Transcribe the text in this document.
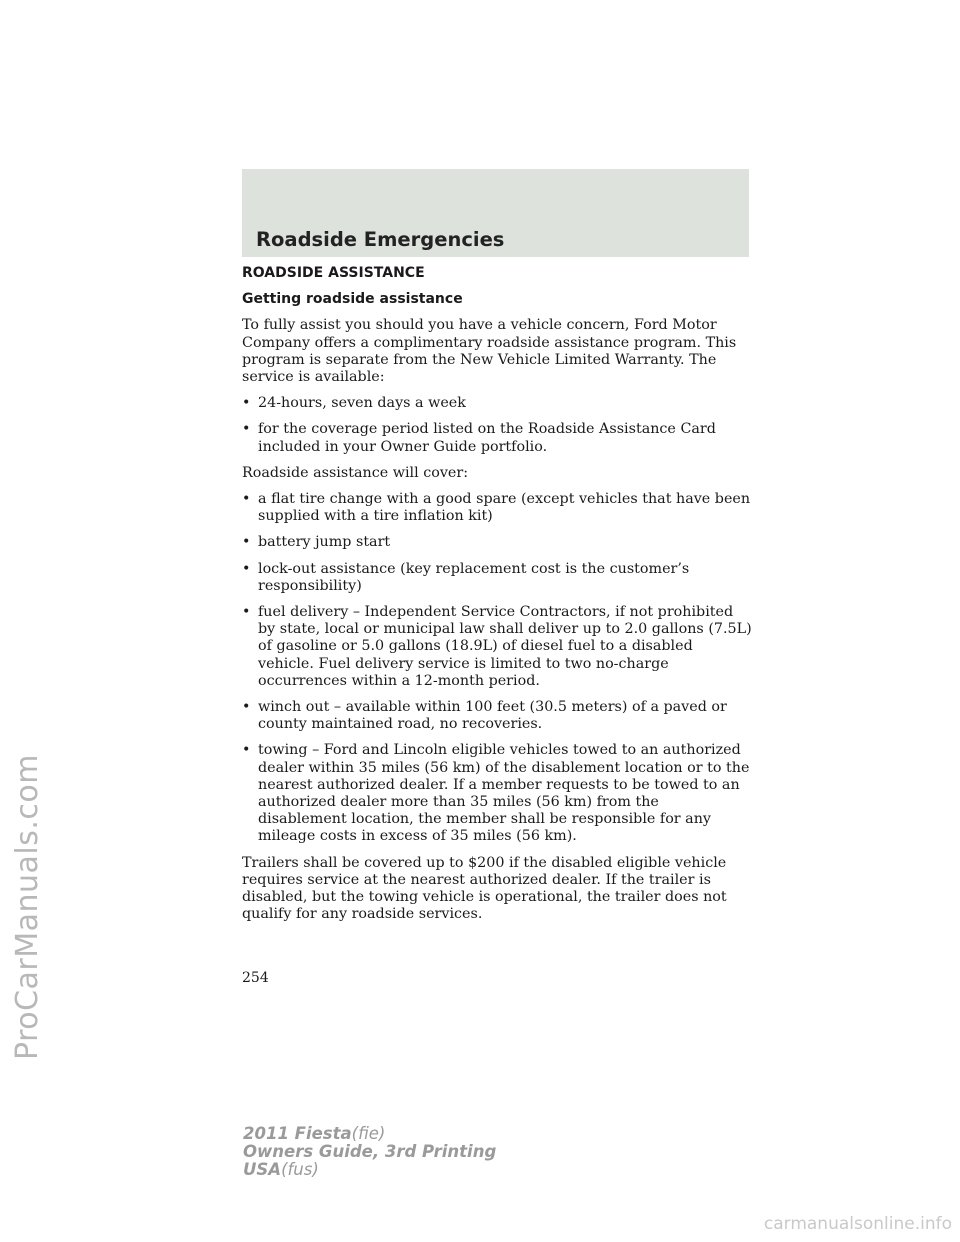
ProCarManuals.com
Roadside Emergencies
ROADSIDE ASSISTANCE
Getting roadside assistance

To fully assist you should you have a vehicle concern, Ford Motor Company offers a complimentary roadside assistance program. This program is separate from the New Vehicle Limited Warranty. The service is available:

• 24-hours, seven days a week
• for the coverage period listed on the Roadside Assistance Card included in your Owner Guide portfolio.

Roadside assistance will cover:

• a flat tire change with a good spare (except vehicles that have been supplied with a tire inflation kit)
• battery jump start
• lock-out assistance (key replacement cost is the customer’s responsibility)
• fuel delivery – Independent Service Contractors, if not prohibited by state, local or municipal law shall deliver up to 2.0 gallons (7.5L) of gasoline or 5.0 gallons (18.9L) of diesel fuel to a disabled vehicle. Fuel delivery service is limited to two no-charge occurrences within a 12-month period.
• winch out – available within 100 feet (30.5 meters) of a paved or county maintained road, no recoveries.
• towing – Ford and Lincoln eligible vehicles towed to an authorized dealer within 35 miles (56 km) of the disablement location or to the nearest authorized dealer. If a member requests to be towed to an authorized dealer more than 35 miles (56 km) from the disablement location, the member shall be responsible for any mileage costs in excess of 35 miles (56 km).

Trailers shall be covered up to $200 if the disabled eligible vehicle requires service at the nearest authorized dealer. If the trailer is disabled, but the towing vehicle is operational, the trailer does not qualify for any roadside services.

254
2011 Fiesta(fie)
Owners Guide, 3rd Printing
USA(fus)
carmanualsonline.info
